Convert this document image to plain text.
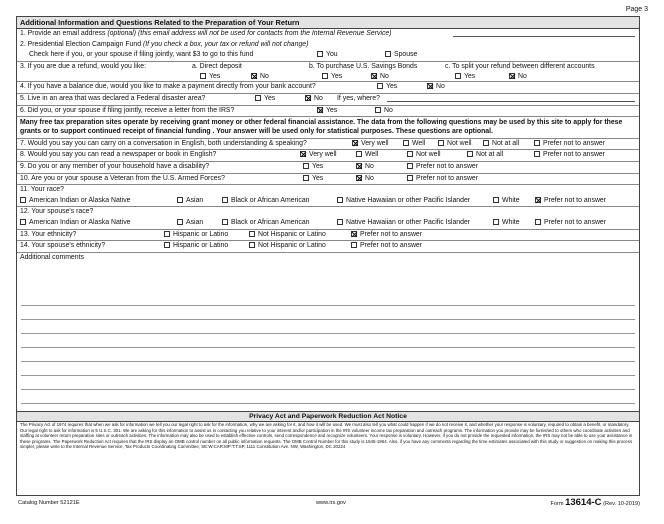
Page 3
Additional Information and Questions Related to the Preparation of Your Return
1. Provide an email address (optional) (this email address will not be used for contacts from the Internal Revenue Service)
2. Presidential Election Campaign Fund (If you check a box, your tax or refund will not change)
Check here if you, or your spouse if filing jointly, want $3 to go to this fund	You	Spouse
3. If you are due a refund, would you like:	a. Direct deposit	b. To purchase U.S. Savings Bonds	c. To split your refund between different accounts
Yes	No	Yes	No	Yes	No
4. If you have a balance due, would you like to make a payment directly from your bank account?	Yes	No
5. Live in an area that was declared a Federal disaster area?	Yes	No If yes, where?
6. Did you, or your spouse if filing jointly, receive a letter from the IRS?	Yes	No
Many free tax preparation sites operate by receiving grant money or other federal financial assistance. The data from the following questions may be used by this site to apply for these grants or to support continued receipt of financial funding . Your answer will be used only for statistical purposes. These questions are optional.
7. Would you say you can carry on a conversation in English, both understanding & speaking?	Very well	Well	Not well	Not at all	Prefer not to answer
8. Would you say you can read a newspaper or book in English?	Very well	Well	Not well	Not at all	Prefer not to answer
9. Do you or any member of your household have a disability?	Yes	No	Prefer not to answer
10. Are you or your spouse a Veteran from the U.S. Armed Forces?	Yes	No	Prefer not to answer
11. Your race?
American Indian or Alaska Native	Asian	Black or African American	Native Hawaiian or other Pacific Islander	White	Prefer not to answer
12. Your spouse's race?
American Indian or Alaska Native	Asian	Black or African American	Native Hawaiian or other Pacific Islander	White	Prefer not to answer
13. Your ethnicity?	Hispanic or Latino	Not Hispanic or Latino	Prefer not to answer
14. Your spouse's ethnicity?	Hispanic or Latino	Not Hispanic or Latino	Prefer not to answer
Additional comments
Privacy Act and Paperwork Reduction Act Notice
The Privacy Act of 1974 requires that when we ask for information we tell you our legal right to ask for the information, why we are asking for it, and how it will be used. We must also tell you what could happen if we do not receive it, and whether your response is voluntary, required to obtain a benefit, or mandatory. Our legal right to ask for information is 5 U.S.C. 301. We are asking for this information to assist us in contacting you relative to your interest and/or participation in the IRS volunteer income tax preparation and outreach programs. The information you provide may be furnished to others who coordinate activities and staffing at volunteer return preparation sites or outreach activities. The information may also be used to establish effective controls, send correspondence and recognize volunteers. Your response is voluntary. However, if you do not provide the requested information, the IRS may not be able to use your assistance in these programs. The Paperwork Reduction Act requires that the IRS display an OMB control number on all public information requests. The OMB Control Number for this study is 1545-1964. Also, if you have any comments regarding the time estimates associated with this study or suggestion on making this process simpler, please write to the Internal Revenue Service, Tax Products Coordinating Committee, SE:W:CAR:MP:T:T:SP, 1111 Constitution Ave. NW, Washington, DC 20224
Catalog Number 52121E	www.irs.gov	Form 13614-C (Rev. 10-2019)
